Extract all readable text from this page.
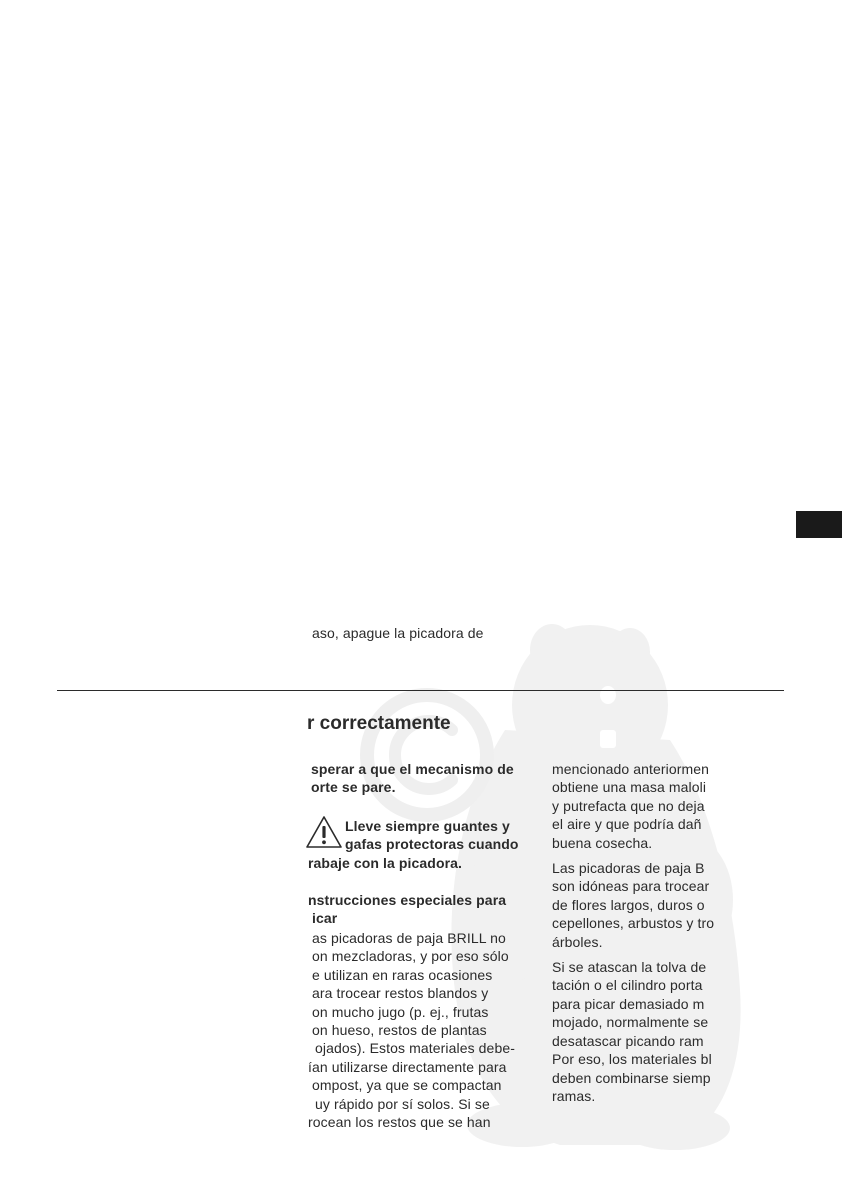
aso, apague la picadora de
r correctamente
sperar a que el mecanismo de
orte se pare.
Lleve siempre guantes y
gafas protectoras cuando
rabaje con la picadora.
nstrucciones especiales para
icar
as picadoras de paja BRILL no
on mezcladoras, y por eso sólo
e utilizan en raras ocasiones
ara trocear restos blandos y
on mucho jugo (p. ej., frutas
on hueso, restos de plantas
ojados). Estos materiales debe-
ían utilizarse directamente para
ompost, ya que se compactan
uy rápido por sí solos. Si se
rocean los restos que se han
mencionado anteriormen
obtiene una masa maloli
y putrefacta que no deja
el aire y que podría dañ
buena cosecha.
Las picadoras de paja B
son idóneas para trocear
de flores largos, duros o
cepellones, arbustos y tro
árboles.
Si se atascan la tolva de
tación o el cilindro porta
para picar demasiado m
mojado, normalmente se
desatascar picando ram
Por eso, los materiales bl
deben combinarse siemp
ramas.
